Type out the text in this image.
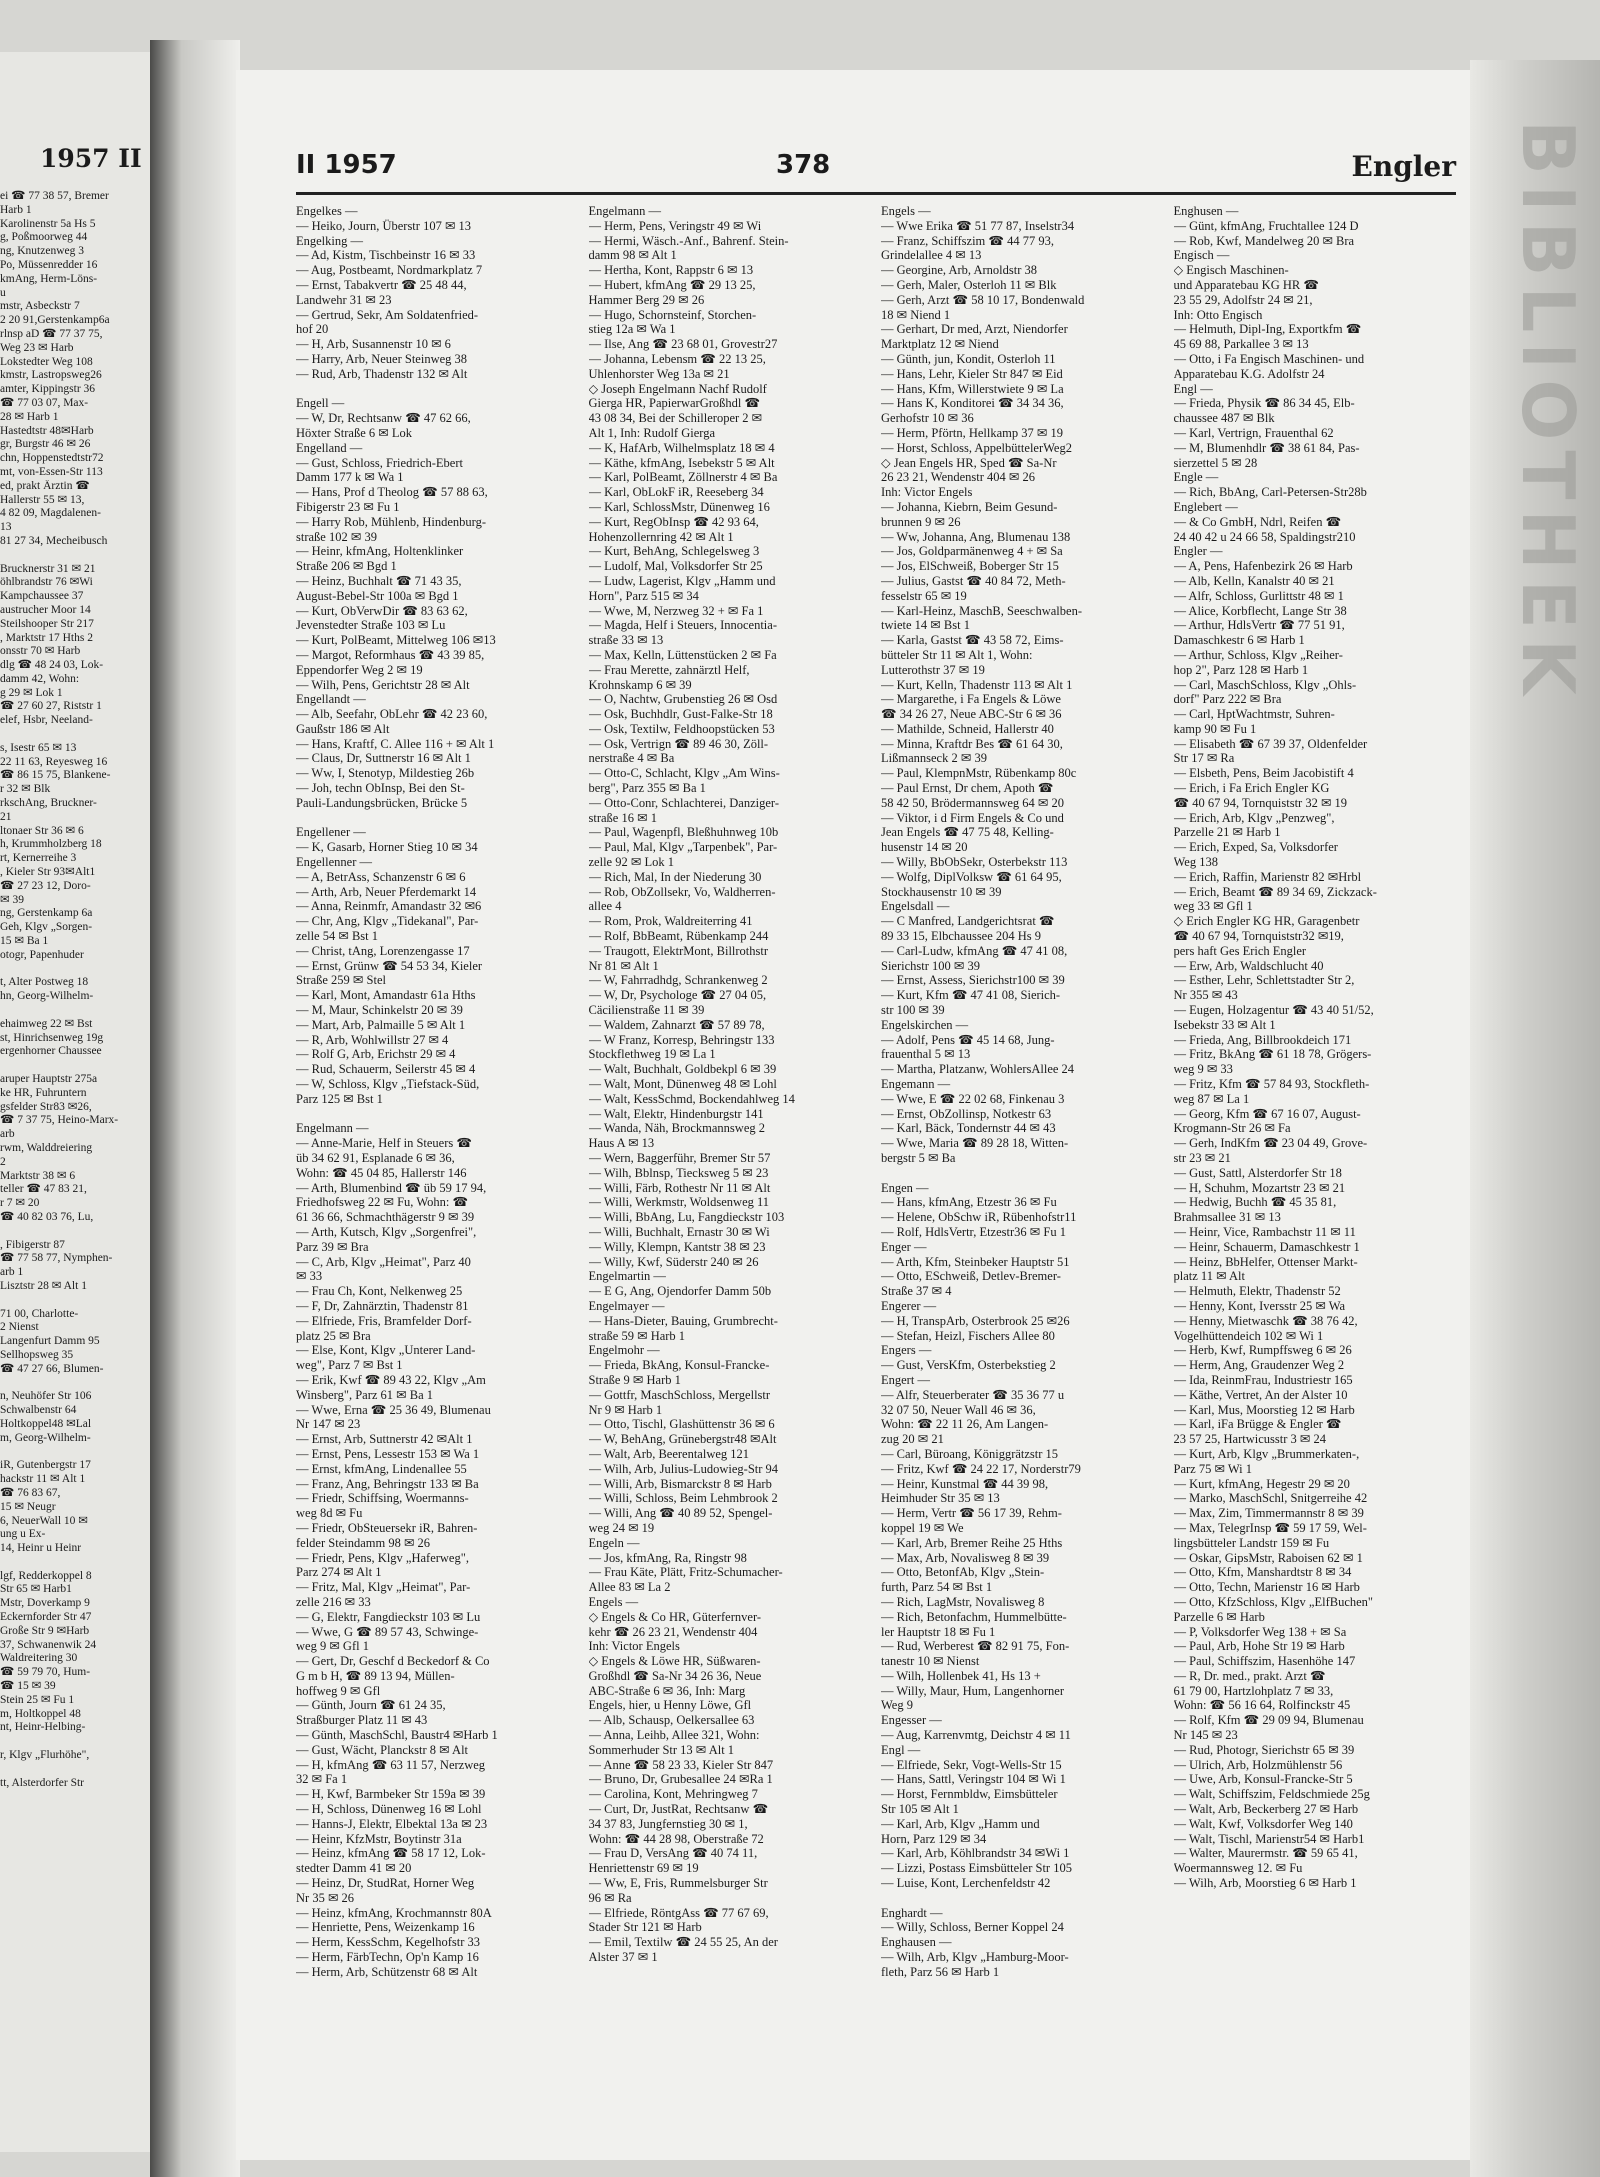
1957 II
ei ☎ 77 38 57, Bremer
Harb 1
Karolinenstr 5a Hs 5
g, Poßmoorweg 44
ng, Knutzenweg 3
Po, Müssenredder 16
kmAng, Herm-Löns-
u
mstr, Asbeckstr 7
2 20 91,Gerstenkamp6a
rlnsp aD ☎ 77 37 75,
Weg 23 ✉ Harb
Lokstedter Weg 108
kmstr, Lastropsweg26
amter, Kippingstr 36
☎ 77 03 07, Max-
28 ✉ Harb 1
Hastedtstr 48✉Harb
gr, Burgstr 46 ✉ 26
chn, Hoppenstedtstr72
mt, von-Essen-Str 113
ed, prakt Ärztin ☎
Hallerstr 55 ✉ 13,
4 82 09, Magdalenen-
13
81 27 34, Mecheibusch

Brucknerstr 31 ✉ 21
öhlbrandstr 76 ✉Wi
Kampchaussee 37
austrucher Moor 14
Steilshooper Str 217
, Marktstr 17 Hths 2
onsstr 70 ✉ Harb
dlg ☎ 48 24 03, Lok-
damm 42, Wohn:
g 29 ✉ Lok 1
☎ 27 60 27, Riststr 1
elef, Hsbr, Neeland-

s, Isestr 65 ✉ 13
22 11 63, Reyesweg 16
☎ 86 15 75, Blankene-
r 32 ✉ Blk
rkschAng, Bruckner-
21
ltonaer Str 36 ✉ 6
h, Krummholzberg 18
rt, Kernerreihe 3
, Kieler Str 93✉Alt1
☎ 27 23 12, Doro-
✉ 39
ng, Gerstenkamp 6a
Geh, Klgv „Sorgen-
15 ✉ Ba 1
otogr, Papenhuder

t, Alter Postweg 18
hn, Georg-Wilhelm-

ehaimweg 22 ✉ Bst
st, Hinrichsenweg 19g
ergenhorner Chaussee

aruper Hauptstr 275a
ke HR, Fuhruntern
gsfelder Str83 ✉26,
☎ 7 37 75, Heino-Marx-
arb
rwm, Walddreiering
2
Marktstr 38 ✉ 6
teller ☎ 47 83 21,
r 7 ✉ 20
☎ 40 82 03 76, Lu,

, Fibigerstr 87
☎ 77 58 77, Nymphen-
arb 1
Lisztstr 28 ✉ Alt 1

71 00, Charlotte-
2 Nienst
Langenfurt Damm 95
Sellhopsweg 35
☎ 47 27 66, Blumen-

n, Neuhöfer Str 106
Schwalbenstr 64
Holtkoppel48 ✉Lal
m, Georg-Wilhelm-

iR, Gutenbergstr 17
hackstr 11 ✉ Alt 1
☎ 76 83 67,
15 ✉ Neugr
6, NeuerWall 10 ✉
ung u Ex-
14, Heinr u Heinr

lgf, Redderkoppel 8
Str 65 ✉ Harb1
Mstr, Doverkamp 9
Eckernforder Str 47
Große Str 9 ✉Harb
37, Schwanenwik 24
Waldreitering 30
☎ 59 79 70, Hum-
☎ 15 ✉ 39
Stein 25 ✉ Fu 1
m, Holtkoppel 48
nt, Heinr-Helbing-

r, Klgv „Flurhöhe",

tt, Alsterdorfer Str
II 1957	378	Engler
Engelkes —
— Heiko, Journ, Überstr 107 ✉ 13
Engelking —
— Ad, Kistm, Tischbeinstr 16 ✉ 33
— Aug, Postbeamt, Nordmarkplatz 7
— Ernst, Tabakvertr ☎ 25 48 44,
Landwehr 31 ✉ 23
— Gertrud, Sekr, Am Soldatenfried-
hof 20
— H, Arb, Susannenstr 10 ✉ 6
— Harry, Arb, Neuer Steinweg 38
— Rud, Arb, Thadenstr 132 ✉ Alt

Engell —
— W, Dr, Rechtsanw ☎ 47 62 66,
Höxter Straße 6 ✉ Lok
Engelland —
— Gust, Schloss, Friedrich-Ebert
Damm 177 k ✉ Wa 1
— Hans, Prof d Theolog ☎ 57 88 63,
Fibigerstr 23 ✉ Fu 1
— Harry Rob, Mühlenb, Hindenburg-
straße 102 ✉ 39
— Heinr, kfmAng, Holtenklinker
Straße 206 ✉ Bgd 1
— Heinz, Buchhalt ☎ 71 43 35,
August-Bebel-Str 100a ✉ Bgd 1
— Kurt, ObVerwDir ☎ 83 63 62,
Jevenstedter Straße 103 ✉ Lu
— Kurt, PolBeamt, Mittelweg 106 ✉13
— Margot, Reformhaus ☎ 43 39 85,
Eppendorfer Weg 2 ✉ 19
— Wilh, Pens, Gerichtstr 28 ✉ Alt
Engellandt —
— Alb, Seefahr, ObLehr ☎ 42 23 60,
Gaußstr 186 ✉ Alt
— Hans, Kraftf, C. Allee 116 + ✉ Alt 1
— Claus, Dr, Suttnerstr 16 ✉ Alt 1
— Ww, I, Stenotyp, Mildestieg 26b
— Joh, techn ObInsp, Bei den St-
Pauli-Landungsbrücken, Brücke 5

Engellener —
— K, Gasarb, Horner Stieg 10 ✉ 34
Engellenner —
— A, BetrAss, Schanzenstr 6 ✉ 6
— Arth, Arb, Neuer Pferdemarkt 14
— Anna, Reinmfr, Amandastr 32 ✉6
— Chr, Ang, Klgv „Tidekanal", Par-
zelle 54 ✉ Bst 1
— Christ, tAng, Lorenzengasse 17
— Ernst, Grünw ☎ 54 53 34, Kieler
Straße 259 ✉ Stel
— Karl, Mont, Amandastr 61a Hths
— M, Maur, Schinkelstr 20 ✉ 39
— Mart, Arb, Palmaille 5 ✉ Alt 1
— R, Arb, Wohlwillstr 27 ✉ 4
— Rolf G, Arb, Erichstr 29 ✉ 4
— Rud, Schauerm, Seilerstr 45 ✉ 4
— W, Schloss, Klgv „Tiefstack-Süd,
Parz 125 ✉ Bst 1

Engelmann —
— Anne-Marie, Helf in Steuers ☎
üb 34 62 91, Esplanade 6 ✉ 36,
Wohn: ☎ 45 04 85, Hallerstr 146
— Arth, Blumenbind ☎ üb 59 17 94,
Friedhofsweg 22 ✉ Fu, Wohn: ☎
61 36 66, Schmachthägerstr 9 ✉ 39
— Arth, Kutsch, Klgv „Sorgenfrei",
Parz 39 ✉ Bra
— C, Arb, Klgv „Heimat", Parz 40
✉ 33
— Frau Ch, Kont, Nelkenweg 25
— F, Dr, Zahnärztin, Thadenstr 81
— Elfriede, Fris, Bramfelder Dorf-
platz 25 ✉ Bra
— Else, Kont, Klgv „Unterer Land-
weg", Parz 7 ✉ Bst 1
— Erik, Kwf ☎ 89 43 22, Klgv „Am
Winsberg", Parz 61 ✉ Ba 1
— Wwe, Erna ☎ 25 36 49, Blumenau
Nr 147 ✉ 23
— Ernst, Arb, Suttnerstr 42 ✉Alt 1
— Ernst, Pens, Lessestr 153 ✉ Wa 1
— Ernst, kfmAng, Lindenallee 55
— Franz, Ang, Behringstr 133 ✉ Ba
— Friedr, Schiffsing, Woermanns-
weg 8d ✉ Fu
— Friedr, ObSteuersekr iR, Bahren-
felder Steindamm 98 ✉ 26
— Friedr, Pens, Klgv „Haferweg",
Parz 274 ✉ Alt 1
— Fritz, Mal, Klgv „Heimat", Par-
zelle 216 ✉ 33
— G, Elektr, Fangdieckstr 103 ✉ Lu
— Wwe, G ☎ 89 57 43, Schwinge-
weg 9 ✉ Gfl 1
— Gert, Dr, Geschf d Beckedorf & Co
G m b H, ☎ 89 13 94, Müllen-
hoffweg 9 ✉ Gfl
— Günth, Journ ☎ 61 24 35,
Straßburger Platz 11 ✉ 43
— Günth, MaschSchl, Baustr4 ✉Harb 1
— Gust, Wächt, Planckstr 8 ✉ Alt
— H, kfmAng ☎ 63 11 57, Nerzweg
32 ✉ Fa 1
— H, Kwf, Barmbeker Str 159a ✉ 39
— H, Schloss, Dünenweg 16 ✉ Lohl
— Hanns-J, Elektr, Elbektal 13a ✉ 23
— Heinr, KfzMstr, Boytinstr 31a
— Heinz, kfmAng ☎ 58 17 12, Lok-
stedter Damm 41 ✉ 20
— Heinz, Dr, StudRat, Horner Weg
Nr 35 ✉ 26
— Heinz, kfmAng, Krochmannstr 80A
— Henriette, Pens, Weizenkamp 16
— Herm, KessSchm, Kegelhofstr 33
— Herm, FärbTechn, Op'n Kamp 16
— Herm, Arb, Schützenstr 68 ✉ Alt
Engelmann —
— Herm, Pens, Veringstr 49 ✉ Wi
— Hermi, Wäsch.-Anf., Bahrenf. Stein-
damm 98 ✉ Alt 1
— Hertha, Kont, Rappstr 6 ✉ 13
— Hubert, kfmAng ☎ 29 13 25,
Hammer Berg 29 ✉ 26
— Hugo, Schornsteinf, Storchen-
stieg 12a ✉ Wa 1
— Ilse, Ang ☎ 23 68 01, Grovestr27
— Johanna, Lebensm ☎ 22 13 25,
Uhlenhorster Weg 13a ✉ 21
◇ Joseph Engelmann Nachf Rudolf
Gierga HR, PapierwarGroßhdl ☎
43 08 34, Bei der Schilleroper 2 ✉
Alt 1, Inh: Rudolf Gierga
— K, HafArb, Wilhelmsplatz 18 ✉ 4
— Käthe, kfmAng, Isebekstr 5 ✉ Alt
— Karl, PolBeamt, Zöllnerstr 4 ✉ Ba
— Karl, ObLokF iR, Reeseberg 34
— Karl, SchlossMstr, Dünenweg 16
— Kurt, RegObInsp ☎ 42 93 64,
Hohenzollernring 42 ✉ Alt 1
— Kurt, BehAng, Schlegelsweg 3
— Ludolf, Mal, Volksdorfer Str 25
— Ludw, Lagerist, Klgv „Hamm und
Horn", Parz 515 ✉ 34
— Wwe, M, Nerzweg 32 + ✉ Fa 1
— Magda, Helf i Steuers, Innocentia-
straße 33 ✉ 13
— Max, Kelln, Lüttenstücken 2 ✉ Fa
— Frau Merette, zahnärztl Helf,
Krohnskamp 6 ✉ 39
— O, Nachtw, Grubenstieg 26 ✉ Osd
— Osk, Buchhdlr, Gust-Falke-Str 18
— Osk, Textilw, Feldhoopstücken 53
— Osk, Vertrign ☎ 89 46 30, Zöll-
nerstraße 4 ✉ Ba
— Otto-C, Schlacht, Klgv „Am Wins-
berg", Parz 355 ✉ Ba 1
— Otto-Conr, Schlachterei, Danziger-
straße 16 ✉ 1
— Paul, Wagenpfl, Bleßhuhnweg 10b
— Paul, Mal, Klgv „Tarpenbek", Par-
zelle 92 ✉ Lok 1
— Rich, Mal, In der Niederung 30
— Rob, ObZollsekr, Vo, Waldherren-
allee 4
— Rom, Prok, Waldreiterring 41
— Rolf, BbBeamt, Rübenkamp 244
— Traugott, ElektrMont, Billrothstr
Nr 81 ✉ Alt 1
— W, Fahrradhdg, Schrankenweg 2
— W, Dr, Psychologe ☎ 27 04 05,
Cäcilienstraße 11 ✉ 39
— Waldem, Zahnarzt ☎ 57 89 78,
— W Franz, Korresp, Behringstr 133
Stockflethweg 19 ✉ La 1
— Walt, Buchhalt, Goldbekpl 6 ✉ 39
— Walt, Mont, Dünenweg 48 ✉ Lohl
— Walt, KessSchmd, Bockendahlweg 14
— Walt, Elektr, Hindenburgstr 141
— Wanda, Näh, Brockmannsweg 2
Haus A ✉ 13
— Wern, Baggerführ, Bremer Str 57
— Wilh, Bblnsp, Tiecksweg 5 ✉ 23
— Willi, Färb, Rothestr Nr 11 ✉ Alt
— Willi, Werkmstr, Woldsenweg 11
— Willi, BbAng, Lu, Fangdieckstr 103
— Willi, Buchhalt, Ernastr 30 ✉ Wi
— Willy, Klempn, Kantstr 38 ✉ 23
— Willy, Kwf, Süderstr 240 ✉ 26
Engelmartin —
— E G, Ang, Ojendorfer Damm 50b
Engelmayer —
— Hans-Dieter, Bauing, Grumbrecht-
straße 59 ✉ Harb 1
Engelmohr —
— Frieda, BkAng, Konsul-Francke-
Straße 9 ✉ Harb 1
— Gottfr, MaschSchloss, Mergellstr
Nr 9 ✉ Harb 1
— Otto, Tischl, Glashüttenstr 36 ✉ 6
— W, BehAng, Grünebergstr48 ✉Alt
— Walt, Arb, Beerentalweg 121
— Wilh, Arb, Julius-Ludowieg-Str 94
— Willi, Arb, Bismarckstr 8 ✉ Harb
— Willi, Schloss, Beim Lehmbrook 2
— Willi, Ang ☎ 40 89 52, Spengel-
weg 24 ✉ 19
Engeln —
— Jos, kfmAng, Ra, Ringstr 98
— Frau Käte, Plätt, Fritz-Schumacher-
Allee 83 ✉ La 2
Engels —
◇ Engels & Co HR, Güterfernver-
kehr ☎ 26 23 21, Wendenstr 404
Inh: Victor Engels
◇ Engels & Löwe HR, Süßwaren-
Großhdl ☎ Sa-Nr 34 26 36, Neue
ABC-Straße 6 ✉ 36, Inh: Marg
Engels, hier, u Henny Löwe, Gfl
— Alb, Schausp, Oelkersallee 63
— Anna, Leihb, Allee 321, Wohn:
Sommerhuder Str 13 ✉ Alt 1
— Anne ☎ 58 23 33, Kieler Str 847
— Bruno, Dr, Grubesallee 24 ✉Ra 1
— Carolina, Kont, Mehringweg 7
— Curt, Dr, JustRat, Rechtsanw ☎
34 37 83, Jungfernstieg 30 ✉ 1,
Wohn: ☎ 44 28 98, Oberstraße 72
— Frau D, VersAng ☎ 40 74 11,
Henriettenstr 69 ✉ 19
— Ww, E, Fris, Rummelsburger Str
96 ✉ Ra
— Elfriede, RöntgAss ☎ 77 67 69,
Stader Str 121 ✉ Harb
— Emil, Textilw ☎ 24 55 25, An der
Alster 37 ✉ 1
Engels —
— Wwe Erika ☎ 51 77 87, Inselstr34
— Franz, Schiffszim ☎ 44 77 93,
Grindelallee 4 ✉ 13
— Georgine, Arb, Arnoldstr 38
— Gerh, Maler, Osterloh 11 ✉ Blk
— Gerh, Arzt ☎ 58 10 17, Bondenwald
18 ✉ Niend 1
— Gerhart, Dr med, Arzt, Niendorfer
Marktplatz 12 ✉ Niend
— Günth, jun, Kondit, Osterloh 11
— Hans, Lehr, Kieler Str 847 ✉ Eid
— Hans, Kfm, Willerstwiete 9 ✉ La
— Hans K, Konditorei ☎ 34 34 36,
Gerhofstr 10 ✉ 36
— Herm, Pförtn, Hellkamp 37 ✉ 19
— Horst, Schloss, AppelbüttelerWeg2
◇ Jean Engels HR, Sped ☎ Sa-Nr
26 23 21, Wendenstr 404 ✉ 26
Inh: Victor Engels
— Johanna, Kiebrn, Beim Gesund-
brunnen 9 ✉ 26
— Ww, Johanna, Ang, Blumenau 138
— Jos, Goldparmänenweg 4 + ✉ Sa
— Jos, ElSchweiß, Boberger Str 15
— Julius, Gastst ☎ 40 84 72, Meth-
fesselstr 65 ✉ 19
— Karl-Heinz, MaschB, Seeschwalben-
twiete 14 ✉ Bst 1
— Karla, Gastst ☎ 43 58 72, Eims-
bütteler Str 11 ✉ Alt 1, Wohn:
Lutterothstr 37 ✉ 19
— Kurt, Kelln, Thadenstr 113 ✉ Alt 1
— Margarethe, i Fa Engels & Löwe
☎ 34 26 27, Neue ABC-Str 6 ✉ 36
— Mathilde, Schneid, Hallerstr 40
— Minna, Kraftdr Bes ☎ 61 64 30,
Lißmannseck 2 ✉ 39
— Paul, KlempnMstr, Rübenkamp 80c
— Paul Ernst, Dr chem, Apoth ☎
58 42 50, Brödermannsweg 64 ✉ 20
— Viktor, i d Firm Engels & Co und
Jean Engels ☎ 47 75 48, Kelling-
husenstr 14 ✉ 20
— Willy, BbObSekr, Osterbekstr 113
— Wolfg, DiplVolksw ☎ 61 64 95,
Stockhausenstr 10 ✉ 39
Engelsdall —
— C Manfred, Landgerichtsrat ☎
89 33 15, Elbchaussee 204 Hs 9
— Carl-Ludw, kfmAng ☎ 47 41 08,
Sierichstr 100 ✉ 39
— Ernst, Assess, Sierichstr100 ✉ 39
— Kurt, Kfm ☎ 47 41 08, Sierich-
str 100 ✉ 39
Engelskirchen —
— Adolf, Pens ☎ 45 14 68, Jung-
frauenthal 5 ✉ 13
— Martha, Platzanw, WohlersAllee 24
Engemann —
— Wwe, E ☎ 22 02 68, Finkenau 3
— Ernst, ObZollinsp, Notkestr 63
— Karl, Bäck, Tondernstr 44 ✉ 43
— Wwe, Maria ☎ 89 28 18, Witten-
bergstr 5 ✉ Ba

Engen —
— Hans, kfmAng, Etzestr 36 ✉ Fu
— Helene, ObSchw iR, Rübenhofstr11
— Rolf, HdlsVertr, Etzestr36 ✉ Fu 1
Enger —
— Arth, Kfm, Steinbeker Hauptstr 51
— Otto, ESchweiß, Detlev-Bremer-
Straße 37 ✉ 4
Engerer —
— H, TranspArb, Osterbrook 25 ✉26
— Stefan, Heizl, Fischers Allee 80
Engers —
— Gust, VersKfm, Osterbekstieg 2
Engert —
— Alfr, Steuerberater ☎ 35 36 77 u
32 07 50, Neuer Wall 46 ✉ 36,
Wohn: ☎ 22 11 26, Am Langen-
zug 20 ✉ 21
— Carl, Büroang, Königgrätzstr 15
— Fritz, Kwf ☎ 24 22 17, Norderstr79
— Heinr, Kunstmal ☎ 44 39 98,
Heimhuder Str 35 ✉ 13
— Herm, Vertr ☎ 56 17 39, Rehm-
koppel 19 ✉ We
— Karl, Arb, Bremer Reihe 25 Hths
— Max, Arb, Novalisweg 8 ✉ 39
— Otto, BetonfAb, Klgv „Stein-
furth, Parz 54 ✉ Bst 1
— Rich, LagMstr, Novalisweg 8
— Rich, Betonfachm, Hummelbütte-
ler Hauptstr 18 ✉ Fu 1
— Rud, Werberest ☎ 82 91 75, Fon-
tanestr 10 ✉ Nienst
— Wilh, Hollenbek 41, Hs 13 +
— Willy, Maur, Hum, Langenhorner
Weg 9
Engesser —
— Aug, Karrenvmtg, Deichstr 4 ✉ 11
Engl —
— Elfriede, Sekr, Vogt-Wells-Str 15
— Hans, Sattl, Veringstr 104 ✉ Wi 1
— Horst, Fernmbldw, Eimsbütteler
Str 105 ✉ Alt 1
— Karl, Arb, Klgv „Hamm und
Horn, Parz 129 ✉ 34
— Karl, Arb, Köhlbrandstr 34 ✉Wi 1
— Lizzi, Postass Eimsbütteler Str 105
— Luise, Kont, Lerchenfeldstr 42

Enghardt —
— Willy, Schloss, Berner Koppel 24
Enghausen —
— Wilh, Arb, Klgv „Hamburg-Moor-
fleth, Parz 56 ✉ Harb 1
Enghusen —
— Günt, kfmAng, Fruchtallee 124 D
— Rob, Kwf, Mandelweg 20 ✉ Bra
Engisch —
◇ Engisch Maschinen-
und Apparatebau KG HR ☎
23 55 29, Adolfstr 24 ✉ 21,
Inh: Otto Engisch
— Helmuth, Dipl-Ing, Exportkfm ☎
45 69 88, Parkallee 3 ✉ 13
— Otto, i Fa Engisch Maschinen- und
Apparatebau K.G. Adolfstr 24
Engl —
— Frieda, Physik ☎ 86 34 45, Elb-
chaussee 487 ✉ Blk
— Karl, Vertrign, Frauenthal 62
— M, Blumenhdlr ☎ 38 61 84, Pas-
sierzettel 5 ✉ 28
Engle —
— Rich, BbAng, Carl-Petersen-Str28b
Englebert —
— & Co GmbH, Ndrl, Reifen ☎
24 40 42 u 24 66 58, Spaldingstr210
Engler —
— A, Pens, Hafenbezirk 26 ✉ Harb
— Alb, Kelln, Kanalstr 40 ✉ 21
— Alfr, Schloss, Gurlittstr 48 ✉ 1
— Alice, Korbflecht, Lange Str 38
— Arthur, HdlsVertr ☎ 77 51 91,
Damaschkestr 6 ✉ Harb 1
— Arthur, Schloss, Klgv „Reiher-
hop 2", Parz 128 ✉ Harb 1
— Carl, MaschSchloss, Klgv „Ohls-
dorf" Parz 222 ✉ Bra
— Carl, HptWachtmstr, Suhren-
kamp 90 ✉ Fu 1
— Elisabeth ☎ 67 39 37, Oldenfelder
Str 17 ✉ Ra
— Elsbeth, Pens, Beim Jacobistift 4
— Erich, i Fa Erich Engler KG
☎ 40 67 94, Tornquiststr 32 ✉ 19
— Erich, Arb, Klgv „Penzweg",
Parzelle 21 ✉ Harb 1
— Erich, Exped, Sa, Volksdorfer
Weg 138
— Erich, Raffin, Marienstr 82 ✉Hrbl
— Erich, Beamt ☎ 89 34 69, Zickzack-
weg 33 ✉ Gfl 1
◇ Erich Engler KG HR, Garagenbetr
☎ 40 67 94, Tornquiststr32 ✉19,
pers haft Ges Erich Engler
— Erw, Arb, Waldschlucht 40
— Esther, Lehr, Schlettstadter Str 2,
Nr 355 ✉ 43
— Eugen, Holzagentur ☎ 43 40 51/52,
Isebekstr 33 ✉ Alt 1
— Frieda, Ang, Billbrookdeich 171
— Fritz, BkAng ☎ 61 18 78, Grögers-
weg 9 ✉ 33
— Fritz, Kfm ☎ 57 84 93, Stockfleth-
weg 87 ✉ La 1
— Georg, Kfm ☎ 67 16 07, August-
Krogmann-Str 26 ✉ Fa
— Gerh, IndKfm ☎ 23 04 49, Grove-
str 23 ✉ 21
— Gust, Sattl, Alsterdorfer Str 18
— H, Schuhm, Mozartstr 23 ✉ 21
— Hedwig, Buchh ☎ 45 35 81,
Brahmsallee 31 ✉ 13
— Heinr, Vice, Rambachstr 11 ✉ 11
— Heinr, Schauerm, Damaschkestr 1
— Heinz, BbHelfer, Ottenser Markt-
platz 11 ✉ Alt
— Helmuth, Elektr, Thadenstr 52
— Henny, Kont, Iversstr 25 ✉ Wa
— Henny, Mietwaschk ☎ 38 76 42,
Vogelhüttendeich 102 ✉ Wi 1
— Herb, Kwf, Rumpffsweg 6 ✉ 26
— Herm, Ang, Graudenzer Weg 2
— Ida, ReinmFrau, Industriestr 165
— Käthe, Vertret, An der Alster 10
— Karl, Mus, Moorstieg 12 ✉ Harb
— Karl, iFa Brügge & Engler ☎
23 57 25, Hartwicusstr 3 ✉ 24
— Kurt, Arb, Klgv „Brummerkaten-,
Parz 75 ✉ Wi 1
— Kurt, kfmAng, Hegestr 29 ✉ 20
— Marko, MaschSchl, Snitgerreihe 42
— Max, Zim, Timmermannstr 8 ✉ 39
— Max, TelegrInsp ☎ 59 17 59, Wel-
lingsbütteler Landstr 159 ✉ Fu
— Oskar, GipsMstr, Raboisen 62 ✉ 1
— Otto, Kfm, Manshardtstr 8 ✉ 34
— Otto, Techn, Marienstr 16 ✉ Harb
— Otto, KfzSchloss, Klgv „ElfBuchen"
Parzelle 6 ✉ Harb
— P, Volksdorfer Weg 138 + ✉ Sa
— Paul, Arb, Hohe Str 19 ✉ Harb
— Paul, Schiffszim, Hasenhöhe 147
— R, Dr. med., prakt. Arzt ☎
61 79 00, Hartzlohplatz 7 ✉ 33,
Wohn: ☎ 56 16 64, Rolfinckstr 45
— Rolf, Kfm ☎ 29 09 94, Blumenau
Nr 145 ✉ 23
— Rud, Photogr, Sierichstr 65 ✉ 39
— Ulrich, Arb, Holzmühlenstr 56
— Uwe, Arb, Konsul-Francke-Str 5
— Walt, Schiffszim, Feldschmiede 25g
— Walt, Arb, Beckerberg 27 ✉ Harb
— Walt, Kwf, Volksdorfer Weg 140
— Walt, Tischl, Marienstr54 ✉ Harb1
— Walter, Maurermstr. ☎ 59 65 41,
Woermannsweg 12. ✉ Fu
— Wilh, Arb, Moorstieg 6 ✉ Harb 1
BIBLIOTHEK
